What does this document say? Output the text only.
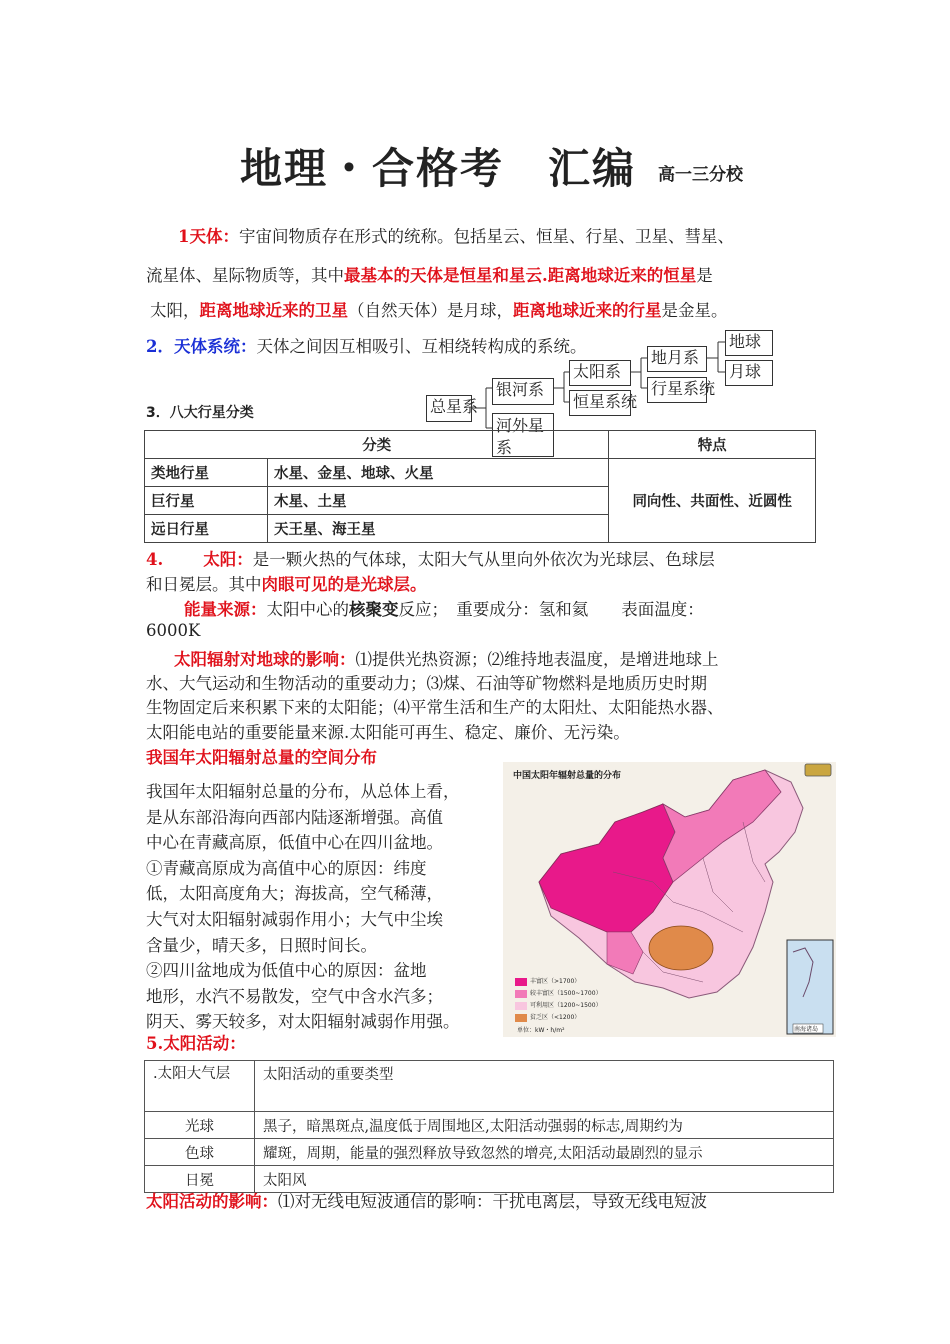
地理・合格考　汇编 高一三分校
1天体：宇宙间物质存在形式的统称。包括星云、恒星、行星、卫星、彗星、
流星体、星际物质等，其中最基本的天体是恒星和星云.距离地球近来的恒星是
太阳，距离地球近来的卫星（自然天体）是月球，距离地球近来的行星是金星。
2．天体系统：天体之间因互相吸引、互相绕转构成的系统。
总星系
银河系
河外星系
太阳系
恒星系统
地月系
行星系统
地球
月球
3．八大行星分类
分类		特点
类地行星	水星、金星、地球、火星	同向性、共面性、近圆性
巨行星	木星、土星	
远日行星	天王星、海王星	
4. 太阳：是一颗火热的气体球，太阳大气从里向外依次为光球层、色球层
和日冕层。其中肉眼可见的是光球层。
能量来源：太阳中心的核聚变反应；　重要成分：氢和氦　　表面温度：
6000K
太阳辐射对地球的影响：⑴提供光热资源；⑵维持地表温度，是增进地球上
水、大气运动和生物活动的重要动力；⑶煤、石油等矿物燃料是地质历史时期
生物固定后来积累下来的太阳能；⑷平常生活和生产的太阳灶、太阳能热水器、
太阳能电站的重要能量来源.太阳能可再生、稳定、廉价、无污染。
我国年太阳辐射总量的空间分布
我国年太阳辐射总量的分布，从总体上看，
是从东部沿海向西部内陆逐渐增强。高值
中心在青藏高原，低值中心在四川盆地。
①青藏高原成为高值中心的原因：纬度
低，太阳高度角大；海拔高，空气稀薄，
大气对太阳辐射减弱作用小；大气中尘埃
含量少，晴天多，日照时间长。
②四川盆地成为低值中心的原因：盆地
地形，水汽不易散发，空气中含水汽多；
阴天、雾天较多，对太阳辐射减弱作用强。
中国太阳年辐射总量的分布
丰富区（>1700）
较丰富区（1500~1700）
可利用区（1200~1500）
贫乏区（<1200）
单位：kW・h/m²	南海诸岛
5.太阳活动：
.太阳大气层	太阳活动的重要类型
光球	黑子，暗黑斑点,温度低于周围地区,太阳活动强弱的标志,周期约为
色球	耀斑，周期，能量的强烈释放导致忽然的增亮,太阳活动最剧烈的显示
日冕	太阳风
太阳活动的影响：⑴对无线电短波通信的影响：干扰电离层，导致无线电短波
